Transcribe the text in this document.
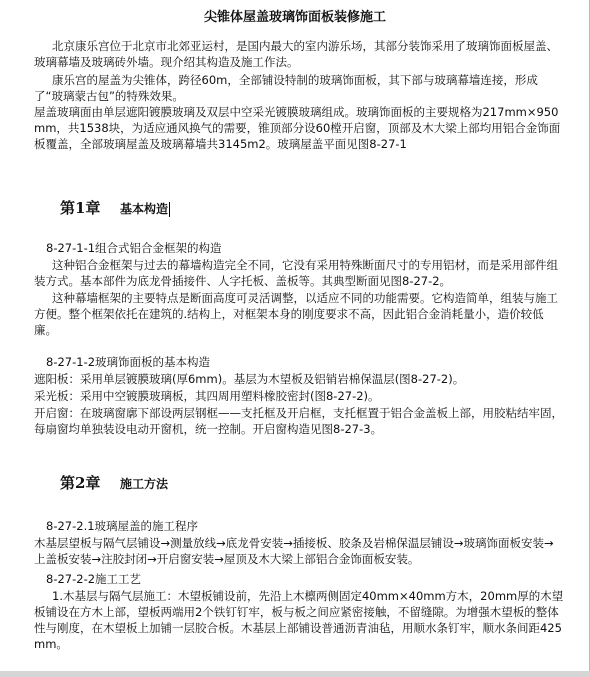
尖锥体屋盖玻璃饰面板装修施工
北京康乐宫位于北京市北郊亚运村，是国内最大的室内游乐场，其部分装饰采用了玻璃饰面板屋盖、玻璃幕墙及玻璃砖外墙。现介绍其构造及施工作法。
康乐宫的屋盖为尖锥体，跨径60m，全部铺设特制的玻璃饰面板，其下部与玻璃幕墙连接，形成了“玻璃蒙古包”的特殊效果。
屋盖玻璃面由单层遮阳镀膜玻璃及双层中空采光镀膜玻璃组成。玻璃饰面板的主要规格为217mm×950mm，共1538块，为适应通风换气的需要，锥顶部分设60樘开启窗，顶部及木大梁上部均用铝合金饰面板覆盖，全部玻璃屋盖及玻璃幕墙共3145m2。玻璃屋盖平面见图8-27-1
第1章 基本构造
8-27-1-1组合式铝合金框架的构造
这种铝合金框架与过去的幕墙构造完全不同，它没有采用特殊断面尺寸的专用铝材，而是采用部件组装方式。基本部件为底龙骨插接件、人字托板、盖板等。其典型断面见图8-27-2。
这种幕墙框架的主要特点是断面高度可灵活调整，以适应不同的功能需要。它构造简单，组装与施工方便。整个框架依托在建筑的.结构上，对框架本身的刚度要求不高，因此铝合金消耗量小，造价较低廉。
8-27-1-2玻璃饰面板的基本构造
遮阳板：采用单层镀膜玻璃(厚6mm)。基层为木望板及铝销岩棉保温层(图8-27-2)。
采光板：采用中空镀膜玻璃板，其四周用塑料橡胶密封(图8-27-2)。
开启窗：在玻璃窗廓下部设两层钢框——支托框及开启框，支托框置于铝合金盖板上部，用胶粘结牢固，每扇窗均单独装设电动开窗机，统一控制。开启窗构造见图8-27-3。
第2章 施工方法
8-27-2.1玻璃屋盖的施工程序
木基层望板与隔气层铺设→测量放线→底龙骨安装→插接板、胶条及岩棉保温层铺设→玻璃饰面板安装→上盖板安装→注胶封闭→开启窗安装→屋顶及木大梁上部铝合金饰面板安装。
8-27-2-2施工工艺
1.木基层与隔气层施工：木望板铺设前，先沿上木檩两侧固定40mm×40mm方木，20mm厚的木望板铺设在方木上部，望板两端用2个铁钉钉牢，板与板之间应紧密接触，不留缝隙。为增强木望板的整体性与刚度，在木望板上加铺一层胶合板。木基层上部铺设普通沥青油毡，用顺水条钉牢，顺水条间距425mm。
